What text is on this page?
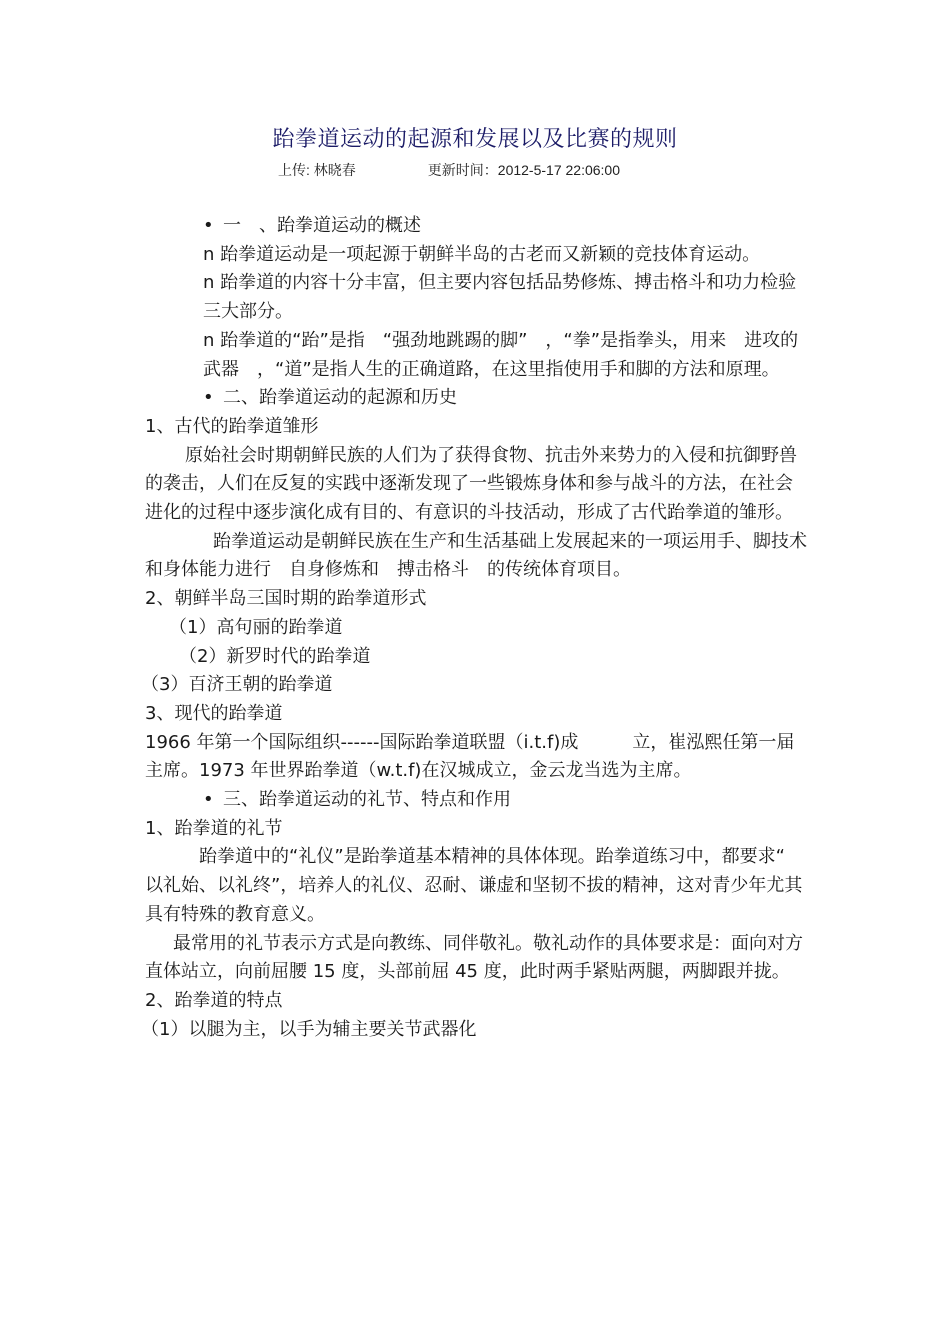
跆拳道运动的起源和发展以及比赛的规则
上传: 林晓春	更新时间：2012-5-17 22:06:00

• 一　、跆拳道运动的概述

n 跆拳道运动是一项起源于朝鲜半岛的古老而又新颖的竞技体育运动。

n 跆拳道的内容十分丰富，但主要内容包括品势修炼、搏击格斗和功力检验三大部分。

n 跆拳道的“跆”是指　“强劲地跳踢的脚”　，“拳”是指拳头，用来　进攻的武器　，“道”是指人生的正确道路，在这里指使用手和脚的方法和原理。

• 二、跆拳道运动的起源和历史

1、古代的跆拳道雏形

原始社会时期朝鲜民族的人们为了获得食物、抗击外来势力的入侵和抗御野兽的袭击，人们在反复的实践中逐渐发现了一些锻炼身体和参与战斗的方法，在社会进化的过程中逐步演化成有目的、有意识的斗技活动，形成了古代跆拳道的雏形。

跆拳道运动是朝鲜民族在生产和生活基础上发展起来的一项运用手、脚技术和身体能力进行　自身修炼和　搏击格斗　的传统体育项目。

2、朝鲜半岛三国时期的跆拳道形式

（1）高句丽的跆拳道

（2）新罗时代的跆拳道

（3）百济王朝的跆拳道

3、现代的跆拳道

1966 年第一个国际组织------国际跆拳道联盟（i.t.f)成　　　立，崔泓熙任第一届主席。1973 年世界跆拳道（w.t.f)在汉城成立，金云龙当选为主席。

• 三、跆拳道运动的礼节、特点和作用

1、跆拳道的礼节

跆拳道中的“礼仪”是跆拳道基本精神的具体体现。跆拳道练习中，都要求“　以礼始、以礼终”，培养人的礼仪、忍耐、谦虚和坚韧不拔的精神，这对青少年尤其具有特殊的教育意义。

最常用的礼节表示方式是向教练、同伴敬礼。敬礼动作的具体要求是：面向对方直体站立，向前屈腰 15 度，头部前屈 45 度，此时两手紧贴两腿，两脚跟并拢。

2、跆拳道的特点

（1）以腿为主，以手为辅主要关节武器化
